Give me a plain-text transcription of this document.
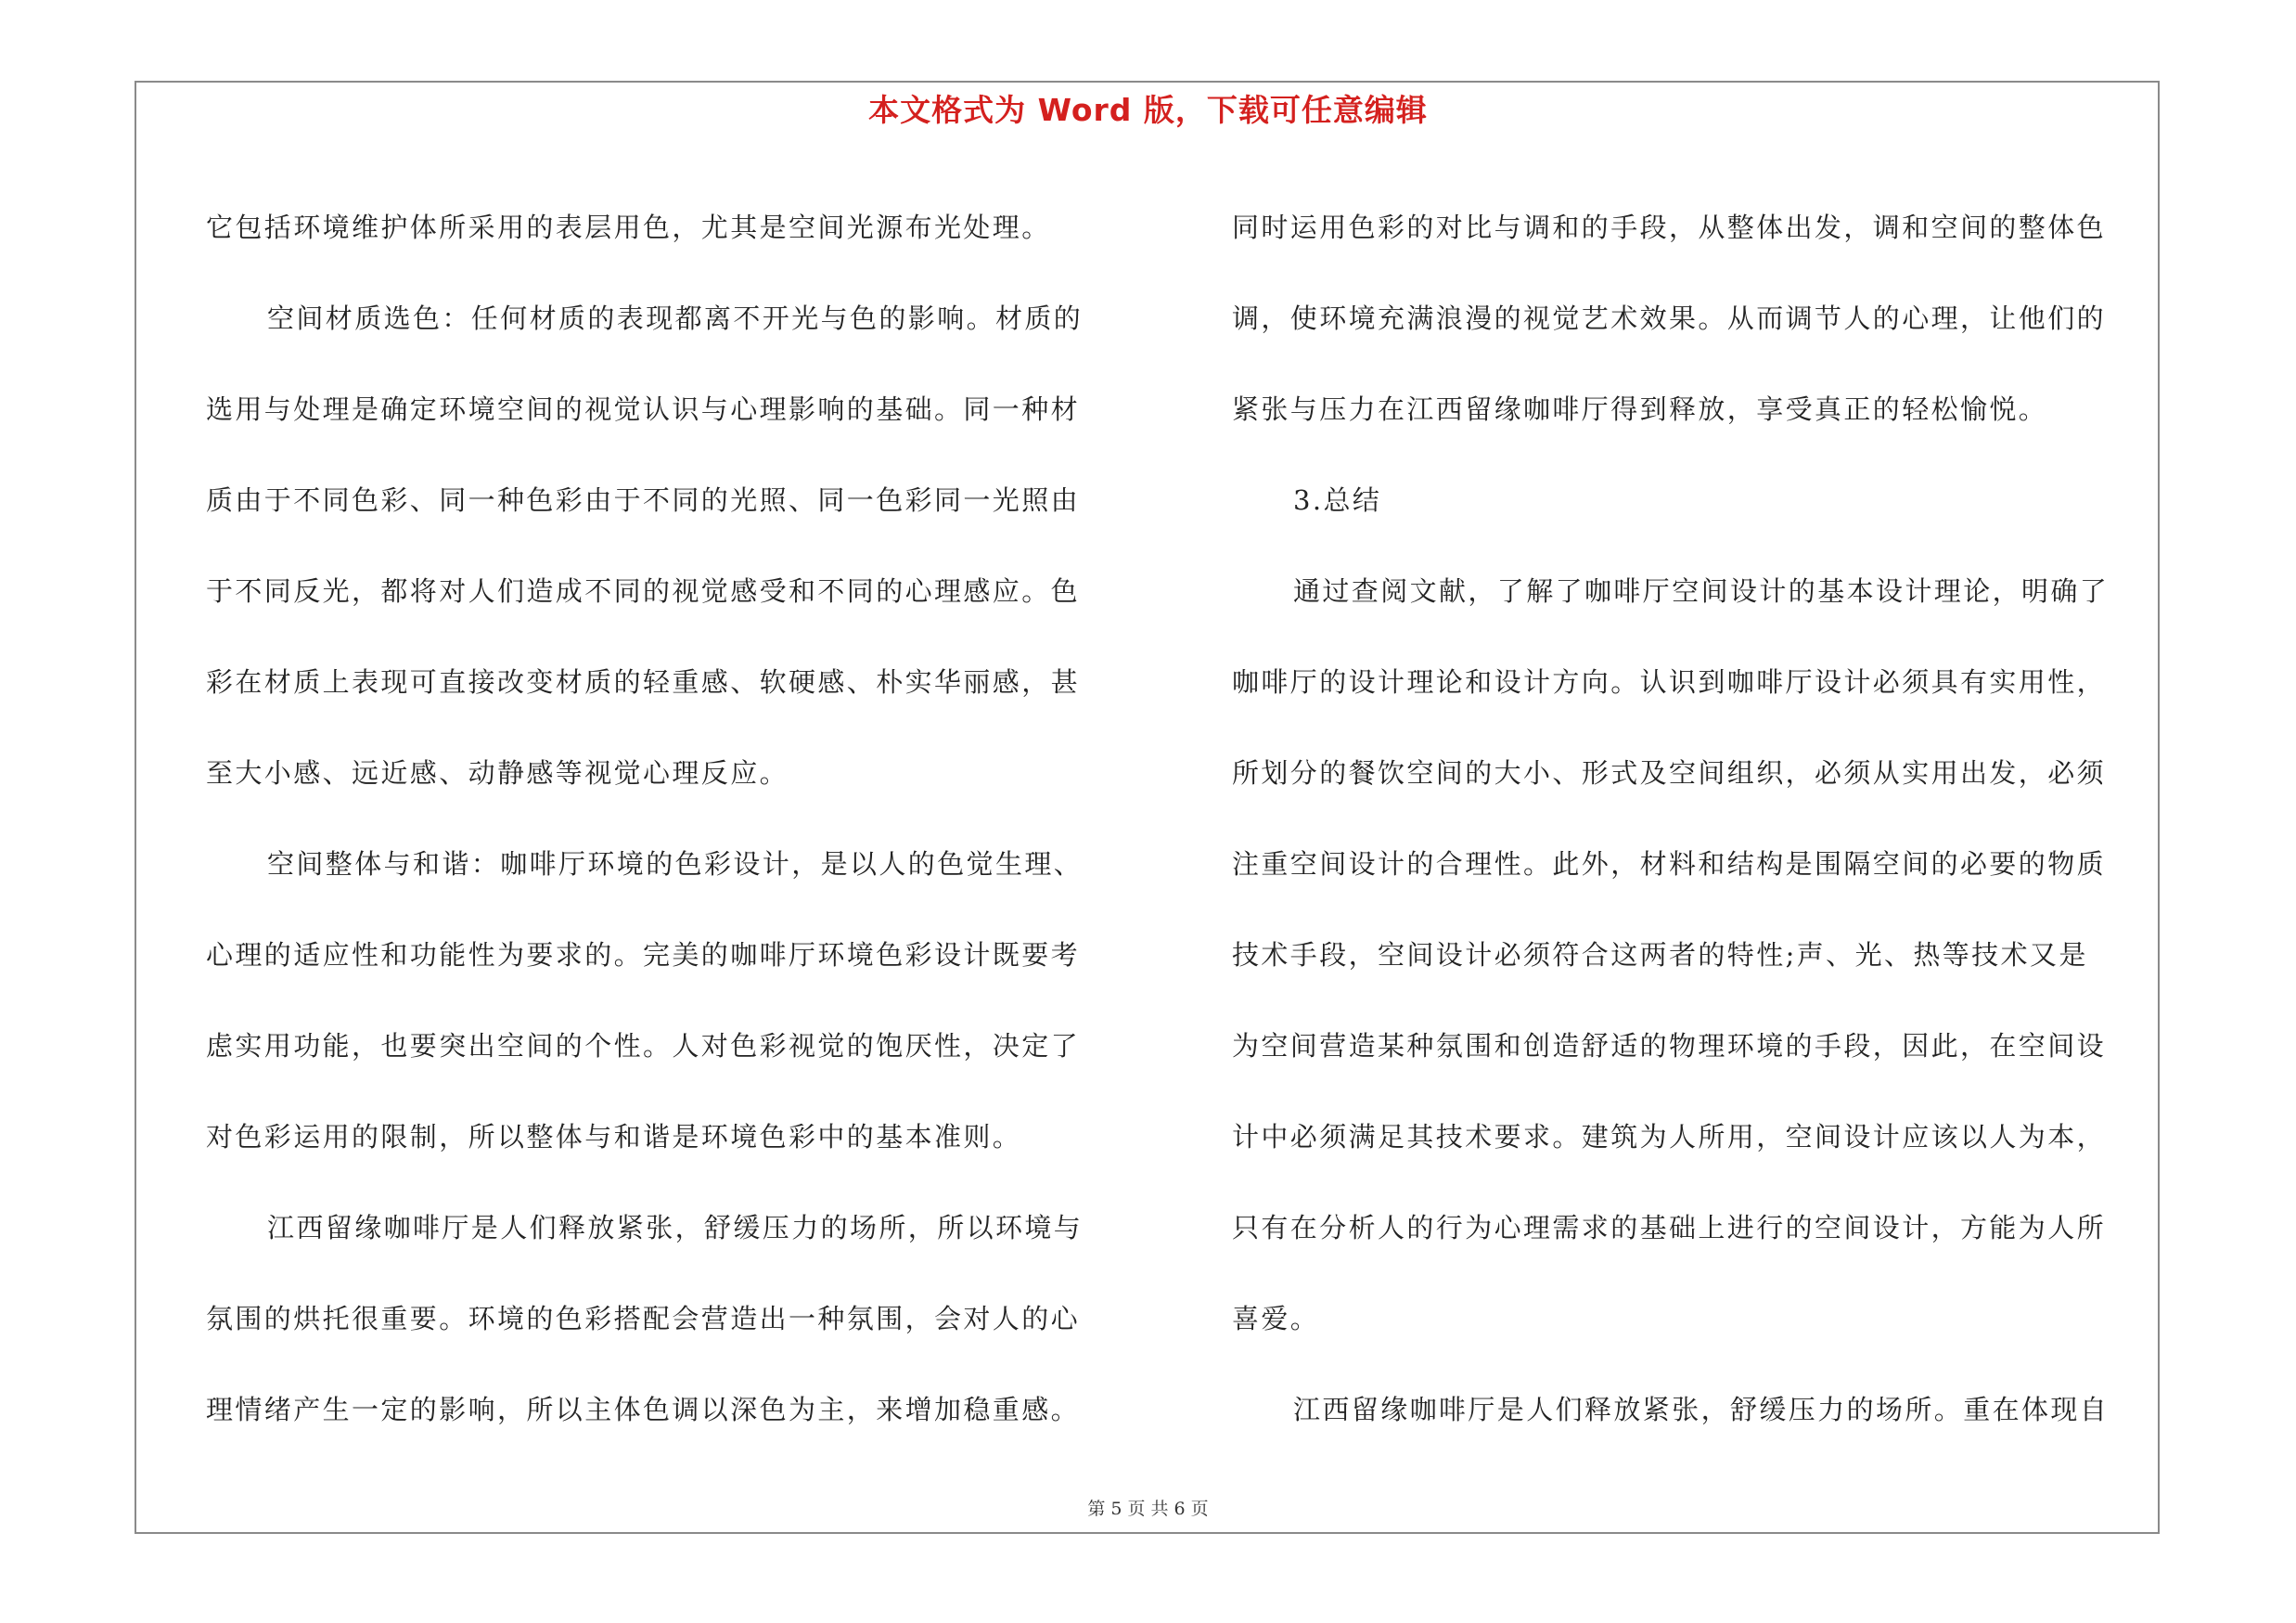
本文格式为 Word 版，下载可任意编辑
它包括环境维护体所采用的表层用色，尤其是空间光源布光处理。
空间材质选色：任何材质的表现都离不开光与色的影响。材质的
选用与处理是确定环境空间的视觉认识与心理影响的基础。同一种材
质由于不同色彩、同一种色彩由于不同的光照、同一色彩同一光照由
于不同反光，都将对人们造成不同的视觉感受和不同的心理感应。色
彩在材质上表现可直接改变材质的轻重感、软硬感、朴实华丽感，甚
至大小感、远近感、动静感等视觉心理反应。
空间整体与和谐：咖啡厅环境的色彩设计，是以人的色觉生理、
心理的适应性和功能性为要求的。完美的咖啡厅环境色彩设计既要考
虑实用功能，也要突出空间的个性。人对色彩视觉的饱厌性，决定了
对色彩运用的限制，所以整体与和谐是环境色彩中的基本准则。
江西留缘咖啡厅是人们释放紧张，舒缓压力的场所，所以环境与
氛围的烘托很重要。环境的色彩搭配会营造出一种氛围，会对人的心
理情绪产生一定的影响，所以主体色调以深色为主，来增加稳重感。
同时运用色彩的对比与调和的手段，从整体出发，调和空间的整体色
调，使环境充满浪漫的视觉艺术效果。从而调节人的心理，让他们的
紧张与压力在江西留缘咖啡厅得到释放，享受真正的轻松愉悦。
3.总结
通过查阅文献，了解了咖啡厅空间设计的基本设计理论，明确了
咖啡厅的设计理论和设计方向。认识到咖啡厅设计必须具有实用性，
所划分的餐饮空间的大小、形式及空间组织，必须从实用出发，必须
注重空间设计的合理性。此外，材料和结构是围隔空间的必要的物质
技术手段，空间设计必须符合这两者的特性;声、光、热等技术又是
为空间营造某种氛围和创造舒适的物理环境的手段，因此，在空间设
计中必须满足其技术要求。建筑为人所用，空间设计应该以人为本，
只有在分析人的行为心理需求的基础上进行的空间设计，方能为人所
喜爱。
江西留缘咖啡厅是人们释放紧张，舒缓压力的场所。重在体现自
第 5 页 共 6 页
